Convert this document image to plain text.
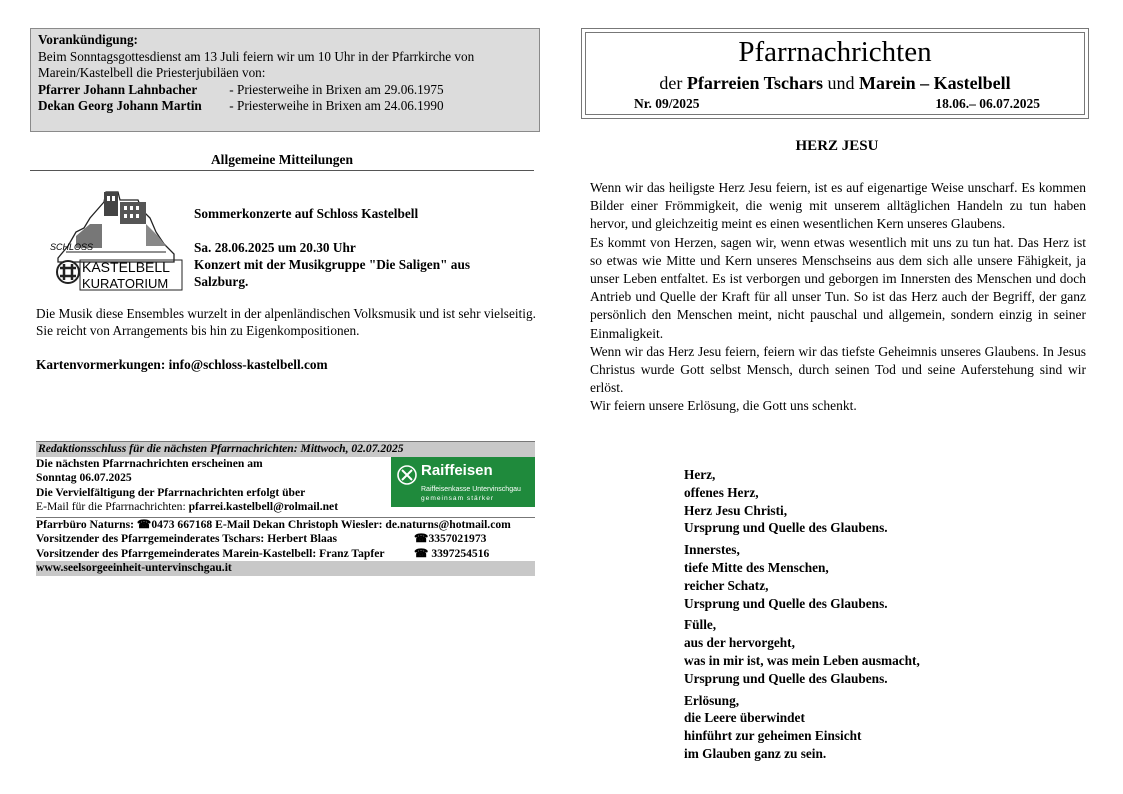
Vorankündigung:
Beim Sonntagsgottesdienst am 13 Juli feiern wir um 10 Uhr in der Pfarrkirche von Marein/Kastelbell die Priesterjubiläen von:
Pfarrer Johann Lahnbacher - Priesterweihe in Brixen am 29.06.1975
Dekan Georg Johann Martin - Priesterweihe in Brixen am 24.06.1990
Allgemeine Mitteilungen
SCHLOSS
KASTELBELL
KURATORIUM
Sommerkonzerte auf Schloss Kastelbell
Sa. 28.06.2025 um 20.30 Uhr
Konzert mit der Musikgruppe "Die Saligen" aus Salzburg.
Die Musik diese Ensembles wurzelt in der alpenländischen Volksmusik und ist sehr vielseitig. Sie reicht von Arrangements bis hin zu Eigenkompositionen.
Kartenvormerkungen: info@schloss-kastelbell.com
Redaktionsschluss für die nächsten Pfarrnachrichten: Mittwoch, 02.07.2025
Die nächsten Pfarrnachrichten erscheinen am
Sonntag 06.07.2025
Die Vervielfältigung der Pfarrnachrichten erfolgt über
E-Mail für die Pfarrnachrichten: pfarrei.kastelbell@rolmail.net
Raiffeisen
Raiffeisenkasse Untervinschgau
gemeinsam stärker
Pfarrbüro Naturns: ☎0473 667168 E-Mail Dekan Christoph Wiesler: de.naturns@hotmail.com
Vorsitzender des Pfarrgemeinderates Tschars: Herbert Blaas	☎3357021973
Vorsitzender des Pfarrgemeinderates Marein-Kastelbell: Franz Tapfer	☎ 3397254516
www.seelsorgeeinheit-untervinschgau.it
Pfarrnachrichten
der Pfarreien Tschars und Marein – Kastelbell
Nr. 09/2025	18.06.– 06.07.2025
HERZ JESU

Wenn wir das heiligste Herz Jesu feiern, ist es auf eigenartige Weise unscharf. Es kommen Bilder einer Frömmigkeit, die wenig mit unserem alltäglichen Handeln zu tun haben hervor, und gleichzeitig meint es einen wesentlichen Kern unseres Glaubens.

Es kommt von Herzen, sagen wir, wenn etwas wesentlich mit uns zu tun hat. Das Herz ist so etwas wie Mitte und Kern unseres Menschseins aus dem sich alle unsere Fähigkeit, ja unser Leben entfaltet. Es ist verborgen und geborgen im Innersten des Menschen und doch Antrieb und Quelle der Kraft für all unser Tun. So ist das Herz auch der Begriff, der ganz persönlich den Menschen meint, nicht pauschal und allgemein, sondern einzig in seiner Einmaligkeit.

Wenn wir das Herz Jesu feiern, feiern wir das tiefste Geheimnis unseres Glaubens. In Jesus Christus wurde Gott selbst Mensch, durch seinen Tod und seine Auferstehung sind wir erlöst.

Wir feiern unsere Erlösung, die Gott uns schenkt.

Herz,
offenes Herz,
Herz Jesu Christi,
Ursprung und Quelle des Glaubens.
Innerstes,
tiefe Mitte des Menschen,
reicher Schatz,
Ursprung und Quelle des Glaubens.
Fülle,
aus der hervorgeht,
was in mir ist, was mein Leben ausmacht,
Ursprung und Quelle des Glaubens.
Erlösung,
die Leere überwindet
hinführt zur geheimen Einsicht
im Glauben ganz zu sein.
